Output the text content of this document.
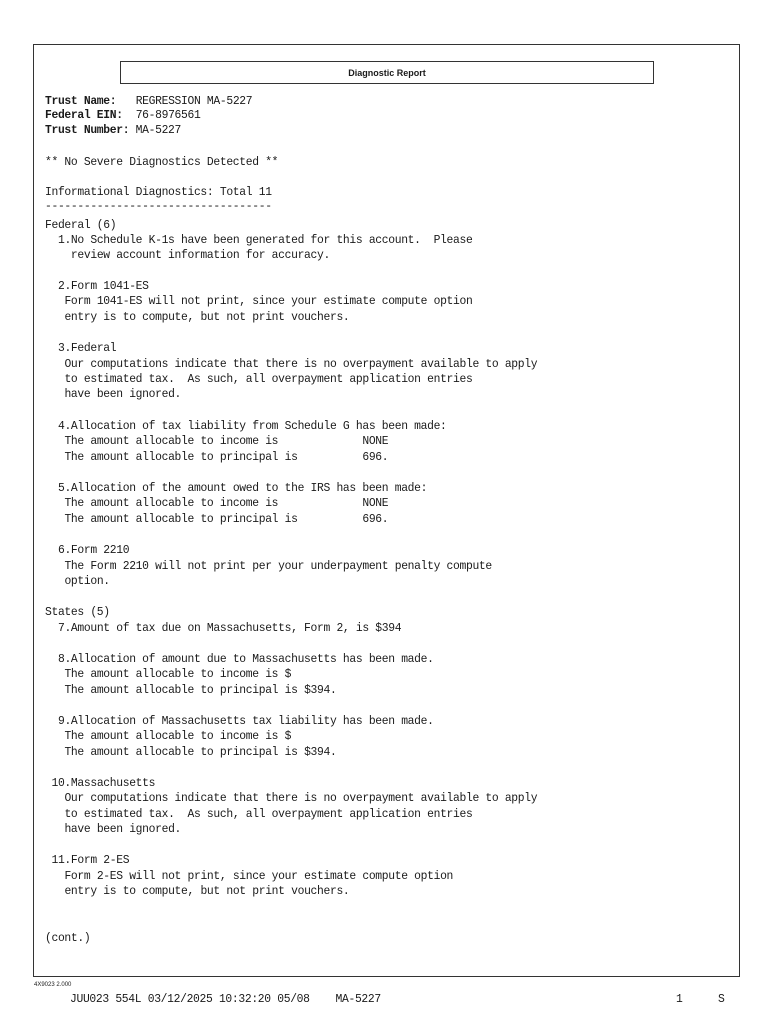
Diagnostic Report
Trust Name: REGRESSION MA-5227
Federal EIN: 76-8976561
Trust Number: MA-5227
** No Severe Diagnostics Detected **
Informational Diagnostics: Total 11
-----------------------------------
Federal (6)
1.No Schedule K-1s have been generated for this account.  Please
review account information for accuracy.
2.Form 1041-ES
Form 1041-ES will not print, since your estimate compute option
entry is to compute, but not print vouchers.
3.Federal
Our computations indicate that there is no overpayment available to apply
to estimated tax.  As such, all overpayment application entries
have been ignored.
4.Allocation of tax liability from Schedule G has been made:
The amount allocable to income is             NONE
The amount allocable to principal is          696.
5.Allocation of the amount owed to the IRS has been made:
The amount allocable to income is             NONE
The amount allocable to principal is          696.
6.Form 2210
The Form 2210 will not print per your underpayment penalty compute
option.
States (5)
7.Amount of tax due on Massachusetts, Form 2, is $394
8.Allocation of amount due to Massachusetts has been made.
The amount allocable to income is $
The amount allocable to principal is $394.
9.Allocation of Massachusetts tax liability has been made.
The amount allocable to income is $
The amount allocable to principal is $394.
10.Massachusetts
Our computations indicate that there is no overpayment available to apply
to estimated tax.  As such, all overpayment application entries
have been ignored.
11.Form 2-ES
Form 2-ES will not print, since your estimate compute option
entry is to compute, but not print vouchers.
(cont.)
4X9023 2.000
JUU023 554L 03/12/2025 10:32:20 05/08    MA-5227	1	S
